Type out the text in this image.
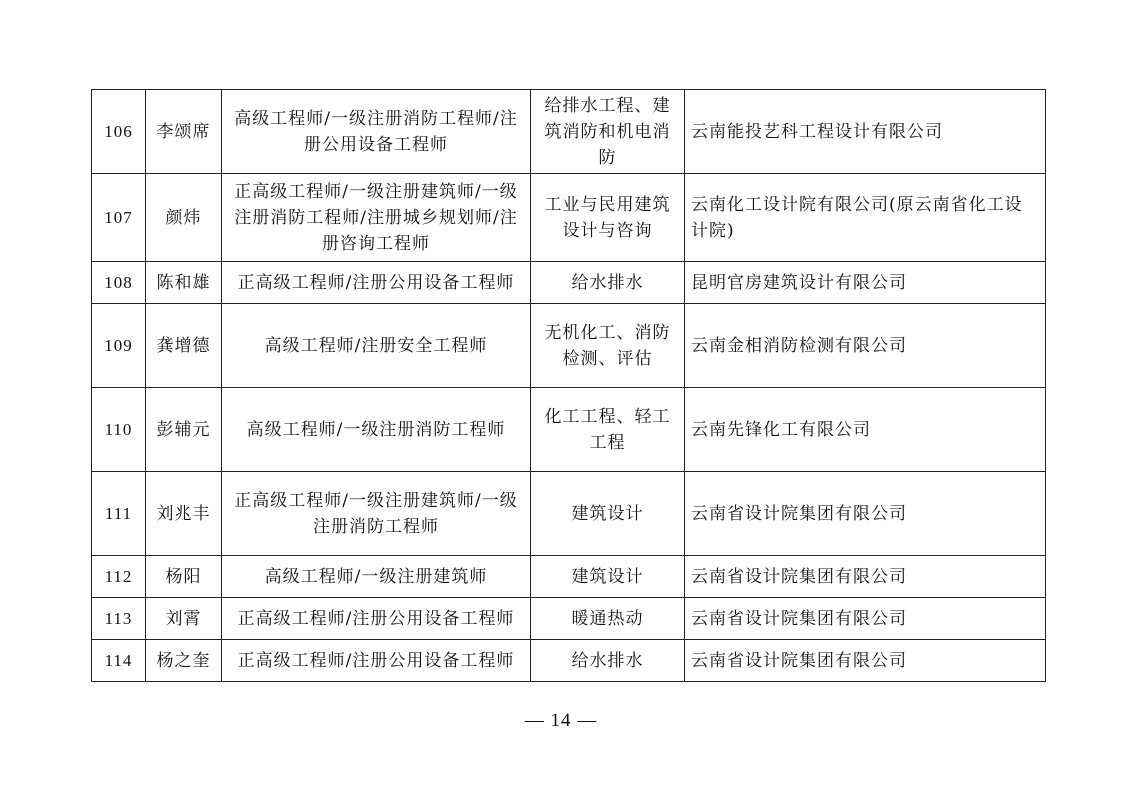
106	李颂席	高级工程师/一级注册消防工程师/注册公用设备工程师	给排水工程、建筑消防和机电消防	云南能投艺科工程设计有限公司
107	颜炜	正高级工程师/一级注册建筑师/一级注册消防工程师/注册城乡规划师/注册咨询工程师	工业与民用建筑设计与咨询	云南化工设计院有限公司(原云南省化工设计院)
108	陈和雄	正高级工程师/注册公用设备工程师	给水排水	昆明官房建筑设计有限公司
109	龚增德	高级工程师/注册安全工程师	无机化工、消防检测、评估	云南金相消防检测有限公司
110	彭辅元	高级工程师/一级注册消防工程师	化工工程、轻工工程	云南先锋化工有限公司
111	刘兆丰	正高级工程师/一级注册建筑师/一级注册消防工程师	建筑设计	云南省设计院集团有限公司
112	杨阳	高级工程师/一级注册建筑师	建筑设计	云南省设计院集团有限公司
113	刘霄	正高级工程师/注册公用设备工程师	暖通热动	云南省设计院集团有限公司
114	杨之奎	正高级工程师/注册公用设备工程师	给水排水	云南省设计院集团有限公司
— 14 —
